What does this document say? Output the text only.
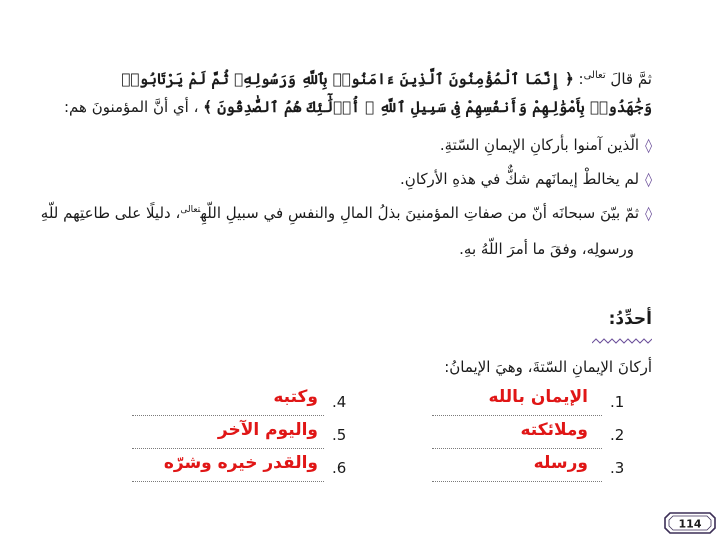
ثمَّ قالَ $^{تعالى}$: ﴿ إِنَّمَا ٱلْمُؤْمِنُونَ ٱلَّذِينَ ءَامَنُوا۟ بِٱللَّهِ وَرَسُولِهِۦ ثُمَّ لَمْ يَرْتَابُوا۟ وَجَٰهَدُوا۟ بِأَمْوَٰلِهِمْ وَأَنفُسِهِمْ فِى سَبِيلِ ٱللَّهِ ۚ أُو۟لَٰٓئِكَ هُمُ ٱلصَّٰدِقُونَ ﴾ ، أي أنَّ المؤمنونَ هم:
◊الّذين آمنوا بأركانِ الإيمانِ السّتةِ.
◊لم يخالطْ إيمانَهم شكٌّ في هذهِ الأركانِ.
◊ثمّ بيّنَ سبحانَه أنّ من صفاتِ المؤمنينَ بذلُ المالِ والنفسِ في سبيلِ اللّهِ$^{تعالى}$، دليلًا على طاعتِهم للّهِ
ورسولِه، وفقَ ما أمرَ اللّهُ بهِ.
أحدِّدُ:
أركانَ الإيمانِ السّتةَ، وهيَ الإيمانُ:
1.
الإيمان بالله
2.
وملائكته
3.
ورسله
4.
وكتبه
5.
واليوم الآخر
6.
والقدر خيره وشرّه
114
